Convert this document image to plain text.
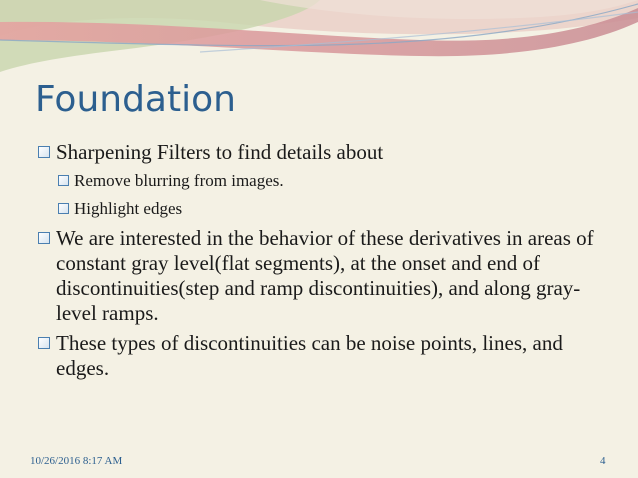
Foundation
Sharpening Filters to find details about
Remove blurring from images.
Highlight edges
We are interested in the behavior of these derivatives in areas of constant gray level(flat segments), at the onset and end of discontinuities(step and ramp discontinuities), and along gray-level ramps.
These types of discontinuities can be noise points, lines, and edges.
10/26/2016 8:17 AM	4
